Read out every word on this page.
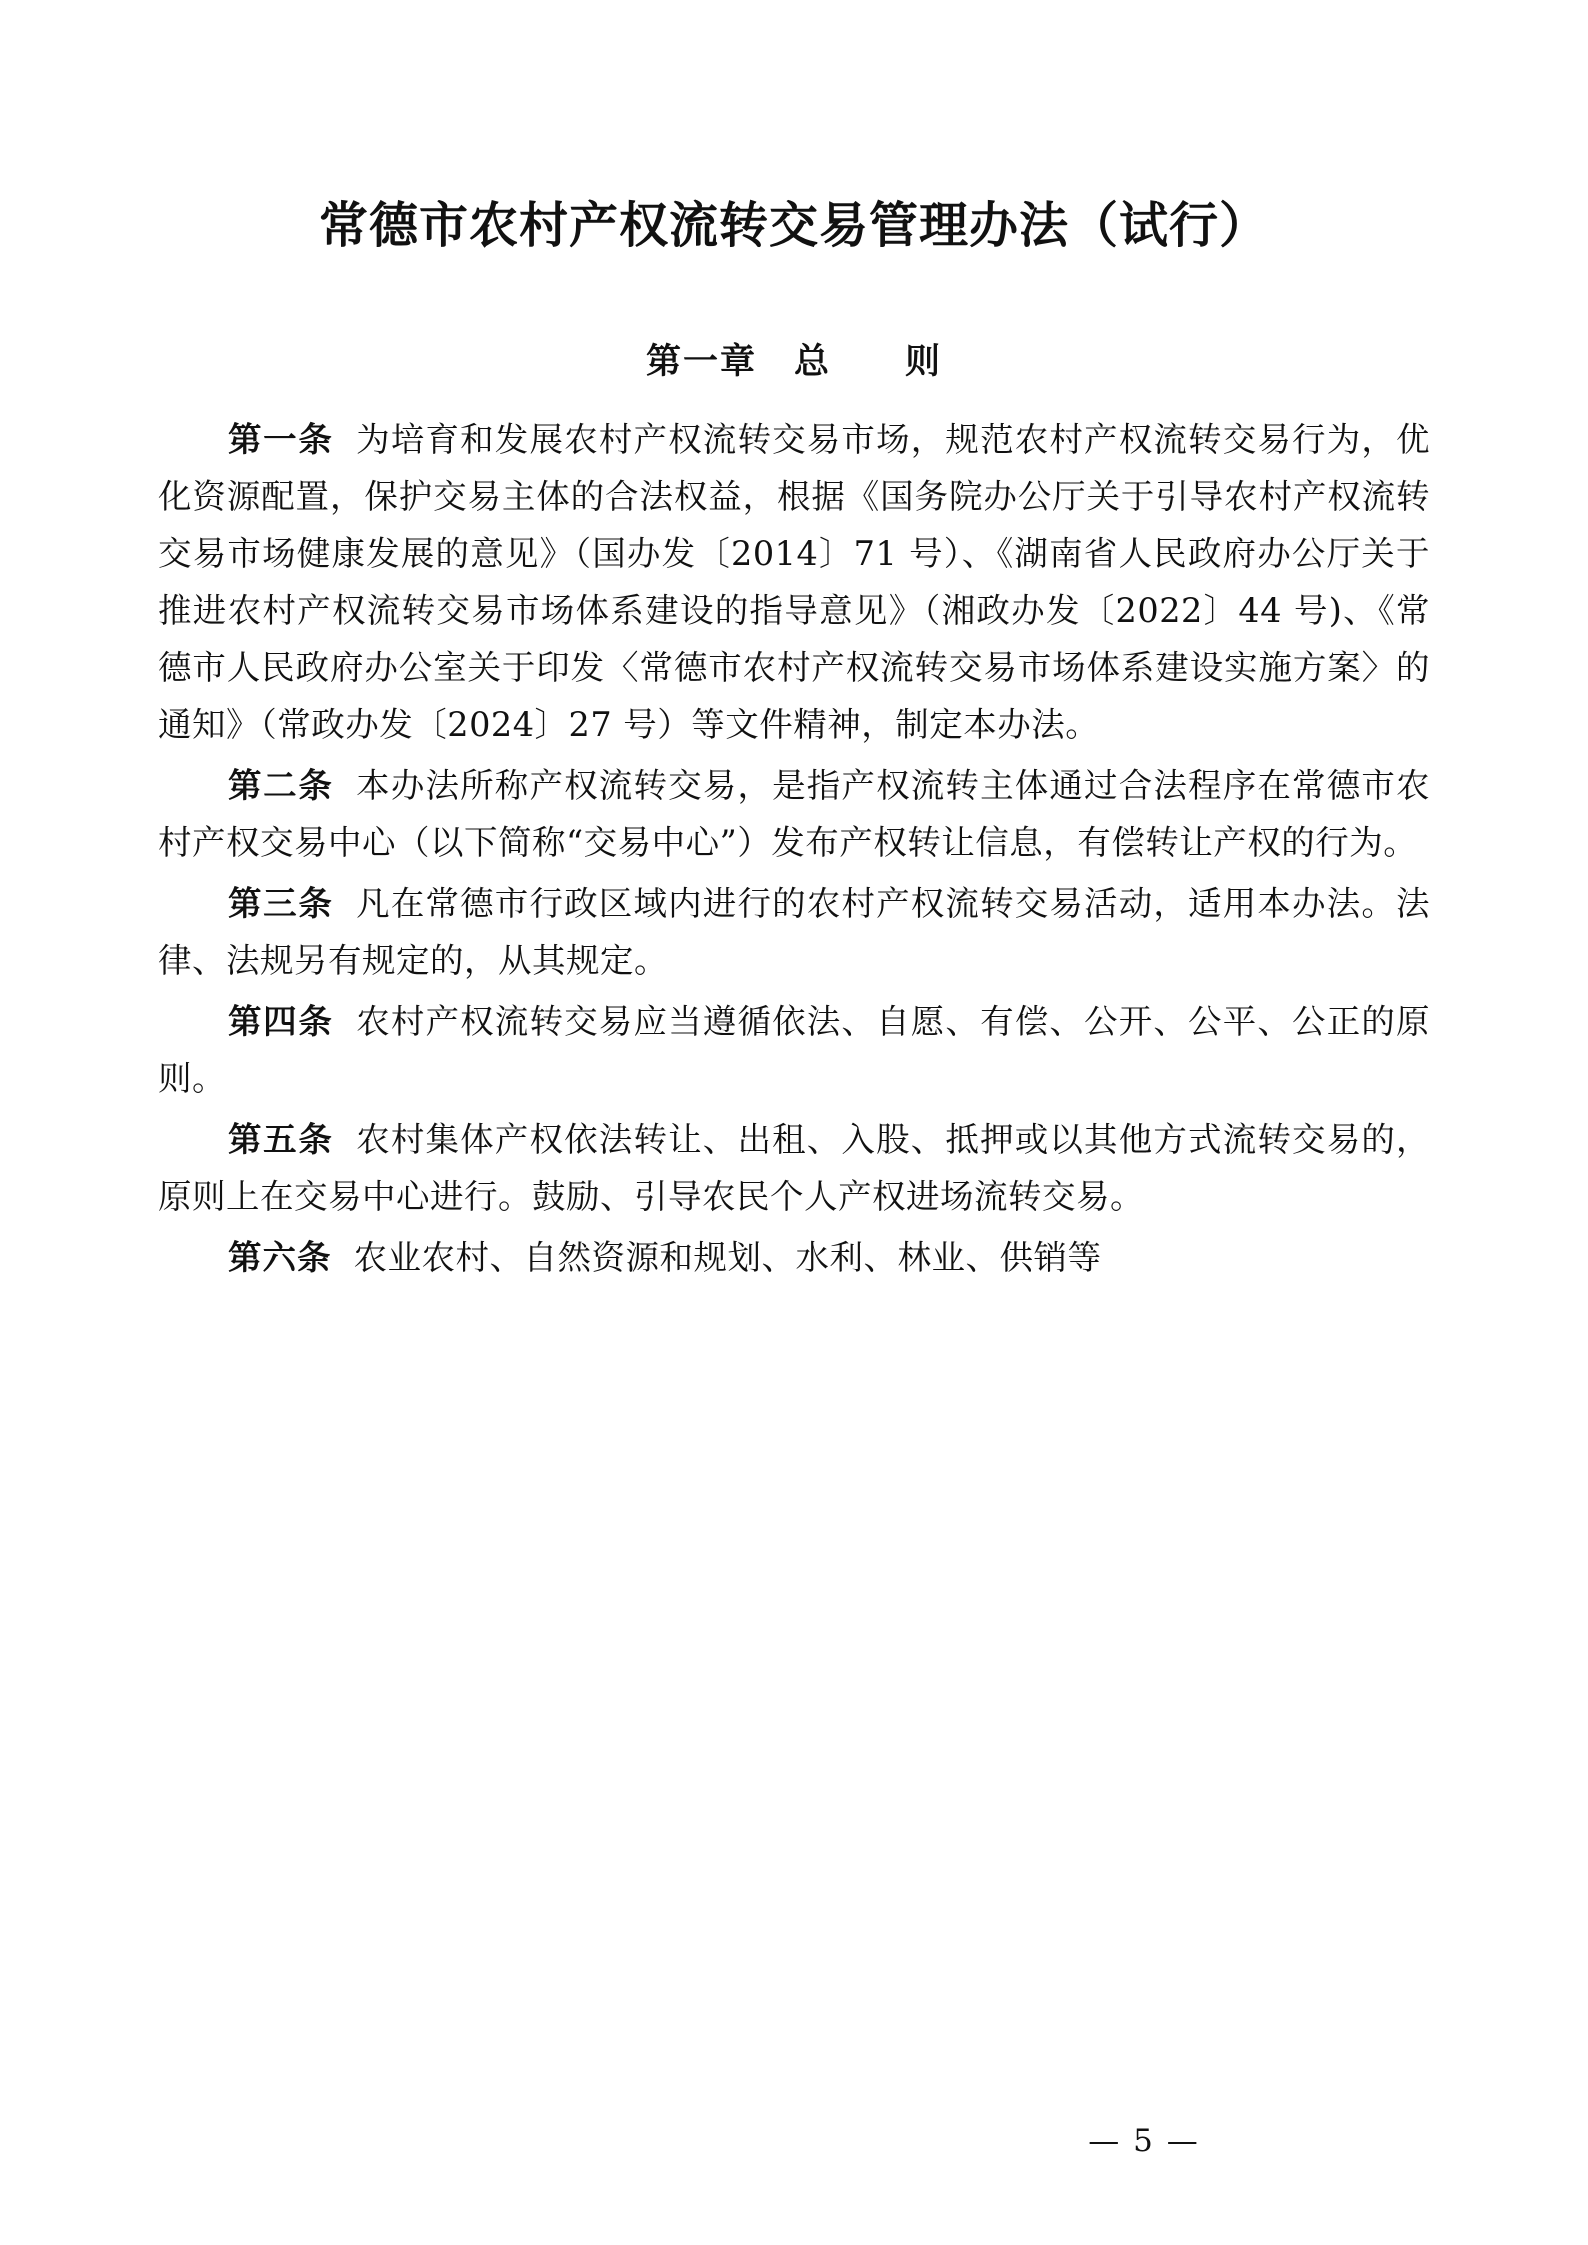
常德市农村产权流转交易管理办法（试行）
第一章　总　　则

第一条 为培育和发展农村产权流转交易市场，规范农村产权流转交易行为，优化资源配置，保护交易主体的合法权益，根据《国务院办公厅关于引导农村产权流转交易市场健康发展的意见》（国办发〔2014〕71 号）、《湖南省人民政府办公厅关于推进农村产权流转交易市场体系建设的指导意见》（湘政办发〔2022〕44 号)、《常德市人民政府办公室关于印发〈常德市农村产权流转交易市场体系建设实施方案〉的通知》（常政办发〔2024〕27 号）等文件精神，制定本办法。

第二条 本办法所称产权流转交易，是指产权流转主体通过合法程序在常德市农村产权交易中心（以下简称“交易中心”）发布产权转让信息，有偿转让产权的行为。

第三条 凡在常德市行政区域内进行的农村产权流转交易活动，适用本办法。法律、法规另有规定的，从其规定。

第四条 农村产权流转交易应当遵循依法、自愿、有偿、公开、公平、公正的原则。

第五条 农村集体产权依法转让、出租、入股、抵押或以其他方式流转交易的，原则上在交易中心进行。鼓励、引导农民个人产权进场流转交易。

第六条 农业农村、自然资源和规划、水利、林业、供销等

— 5 —
